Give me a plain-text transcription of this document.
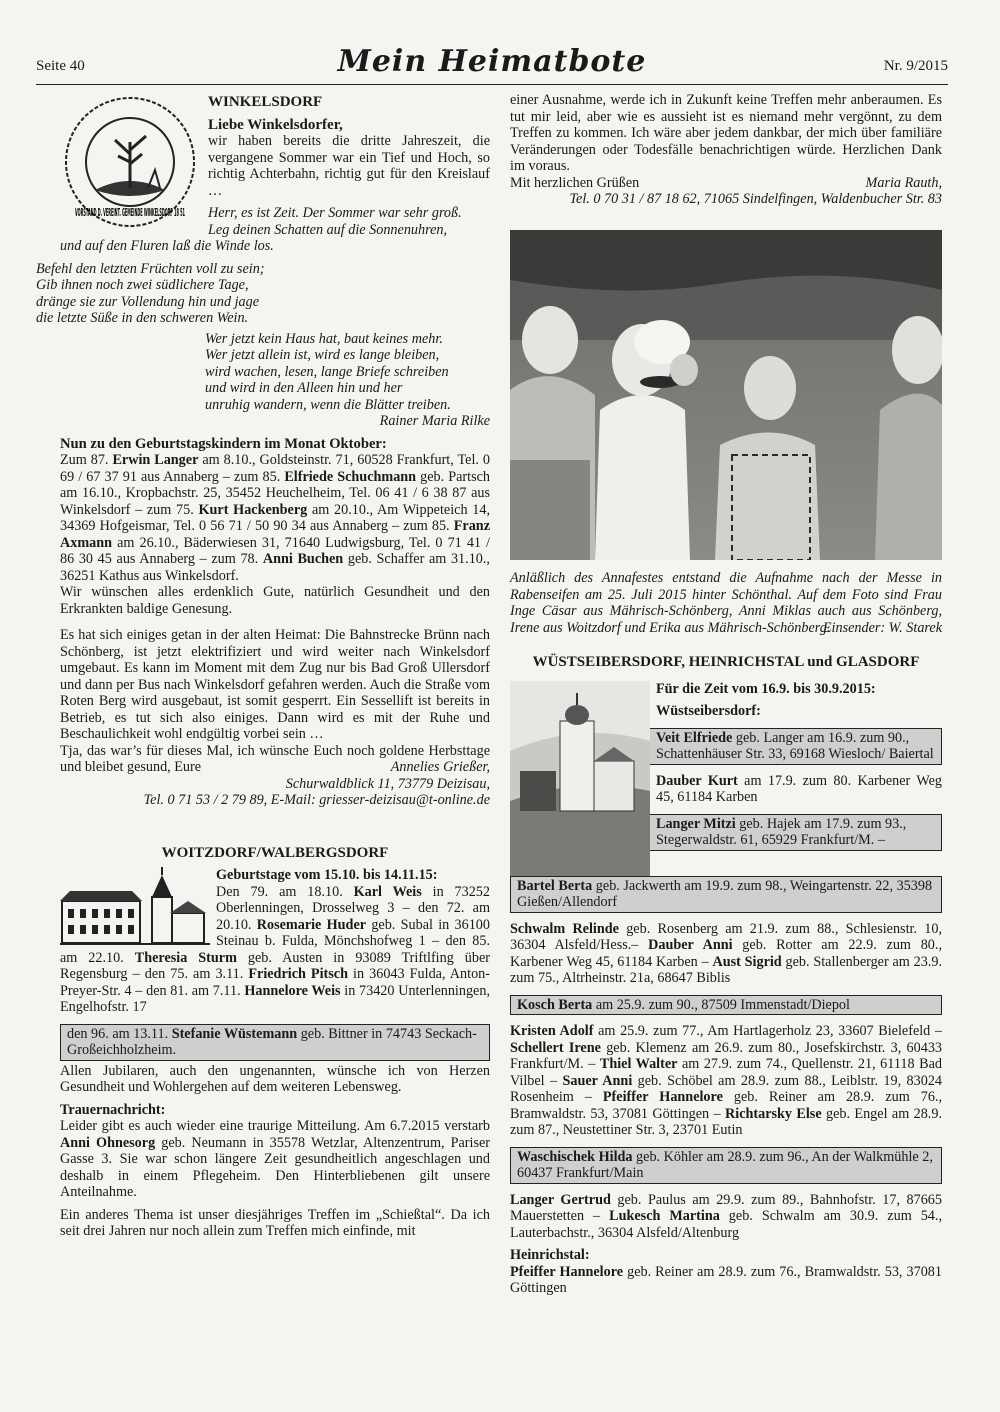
Seite 40	Mein Heimatbote	Nr. 9/2015
VORSTAND D. VEREINT. GEMEINDE WINKELSDORF 18 51
WINKELSDORF

Liebe Winkelsdorfer,

wir haben bereits die dritte Jahreszeit, die vergangene Sommer war ein Tief und Hoch, so richtig Achterbahn, richtig gut für den Kreislauf …

Herr, es ist Zeit. Der Sommer war sehr groß.
Leg deinen Schatten auf die Sonnenuhren,
und auf den Fluren laß die Winde los.
Befehl den letzten Früchten voll zu sein;
Gib ihnen noch zwei südlichere Tage,
dränge sie zur Vollendung hin und jage
die letzte Süße in den schweren Wein.
Wer jetzt kein Haus hat, baut keines mehr.
Wer jetzt allein ist, wird es lange bleiben,
wird wachen, lesen, lange Briefe schreiben
und wird in den Alleen hin und her
unruhig wandern, wenn die Blätter treiben.

Rainer Maria Rilke

Nun zu den Geburtstagskindern im Monat Oktober:

Zum 87. Erwin Langer am 8.10., Goldsteinstr. 71, 60528 Frankfurt, Tel. 0 69 / 67 37 91 aus Annaberg – zum 85. Elfriede Schuchmann geb. Partsch am 16.10., Kropbachstr. 25, 35452 Heuchelheim, Tel. 06 41 / 6 38 87 aus Winkelsdorf – zum 75. Kurt Hackenberg am 20.10., Am Wippeteich 14, 34369 Hofgeismar, Tel. 0 56 71 / 50 90 34 aus Annaberg – zum 85. Franz Axmann am 26.10., Bäderwiesen 31, 71640 Ludwigsburg, Tel. 0 71 41 / 86 30 45 aus Annaberg – zum 78. Anni Buchen geb. Schaffer am 31.10., 36251 Kathus aus Winkelsdorf.

Wir wünschen alles erdenklich Gute, natürlich Gesundheit und den Erkrankten baldige Genesung.

Es hat sich einiges getan in der alten Heimat: Die Bahnstrecke Brünn nach Schönberg, ist jetzt elektrifiziert und wird weiter nach Winkelsdorf umgebaut. Es kann im Moment mit dem Zug nur bis Bad Groß Ullersdorf und dann per Bus nach Winkelsdorf gefahren werden. Auch die Straße vom Roten Berg wird ausgebaut, ist somit gesperrt. Ein Sessellift ist bereits in Betrieb, es tut sich also einiges. Dann wird es mit der Ruhe und Beschaulichkeit wohl endgültig vorbei sein …

Tja, das war’s für dieses Mal, ich wünsche Euch noch goldene Herbsttage und bleibet gesund, Eure	Annelies Grießer,

Schurwaldblick 11, 73779 Deizisau,

Tel. 0 71 53 / 2 79 89, E-Mail: griesser-deizisau@t-online.de

WOITZDORF/WALBERGSDORF

Geburtstage vom 15.10. bis 14.11.15:

Den 79. am 18.10. Karl Weis in 73252 Oberlenningen, Drosselweg 3 – den 72. am 20.10. Rosemarie Huder geb. Subal in 36100 Steinau b. Fulda, Mönchshofweg 1 – den 85. am 22.10. Theresia Sturm geb. Austen in 93089 Triftlfing über Regensburg – den 75. am 3.11. Friedrich Pitsch in 36043 Fulda, Anton-Preyer-Str. 4 – den 81. am 7.11. Hannelore Weis in 73420 Unterlenningen, Engelhofstr. 17

den 96. am 13.11. Stefanie Wüstemann geb. Bittner in 74743 Seckach-Großeichholzheim.

Allen Jubilaren, auch den ungenannten, wünsche ich von Herzen Gesundheit und Wohlergehen auf dem weiteren Lebensweg.

Trauernachricht:

Leider gibt es auch wieder eine traurige Mitteilung. Am 6.7.2015 verstarb Anni Ohnesorg geb. Neumann in 35578 Wetzlar, Altenzentrum, Pariser Gasse 3. Sie war schon längere Zeit gesundheitlich angeschlagen und deshalb in einem Pflegeheim. Den Hinterbliebenen gilt unsere Anteilnahme.

Ein anderes Thema ist unser diesjähriges Treffen im „Schießtal“. Da ich seit drei Jahren nur noch allein zum Treffen mich einfinde, mit

einer Ausnahme, werde ich in Zukunft keine Treffen mehr anberaumen. Es tut mir leid, aber wie es aussieht ist es niemand mehr vergönnt, zu dem Treffen zu kommen. Ich wäre aber jedem dankbar, der mich über familiäre Veränderungen oder Todesfälle benachrichtigen würde. Herzlichen Dank im voraus.

Mit herzlichen Grüßen	Maria Rauth,

Tel. 0 70 31 / 87 18 62, 71065 Sindelfingen, Waldenbucher Str. 83

Anläßlich des Annafestes entstand die Aufnahme nach der Messe in Rabenseifen am 25. Juli 2015 hinter Schönthal. Auf dem Foto sind Frau Inge Cäsar aus Mährisch-Schönberg, Anni Miklas auch aus Schönberg, Irene aus Woitzdorf und Erika aus Mährisch-Schönberg.

Einsender: W. Starek

WÜSTSEIBERSDORF, HEINRICHSTAL und GLASDORF

Für die Zeit vom 16.9. bis 30.9.2015:

Wüstseibersdorf:

Veit Elfriede geb. Langer am 16.9. zum 90., Schattenhäuser Str. 33, 69168 Wiesloch/ Baiertal

Dauber Kurt am 17.9. zum 80. Karbener Weg 45, 61184 Karben

Langer Mitzi geb. Hajek am 17.9. zum 93., Stegerwaldstr. 61, 65929 Frankfurt/M. –
Bartel Berta geb. Jackwerth am 19.9. zum 98., Weingartenstr. 22, 35398 Gießen/Allendorf

Schwalm Relinde geb. Rosenberg am 21.9. zum 88., Schlesienstr. 10, 36304 Alsfeld/Hess.– Dauber Anni geb. Rotter am 22.9. zum 80., Karbener Weg 45, 61184 Karben – Aust Sigrid geb. Stallenberger am 23.9. zum 75., Altrheinstr. 21a, 68647 Biblis

Kosch Berta am 25.9. zum 90., 87509 Immenstadt/Diepol

Kristen Adolf am 25.9. zum 77., Am Hartlagerholz 23, 33607 Bielefeld – Schellert Irene geb. Klemenz am 26.9. zum 80., Josefskirchstr. 3, 60433 Frankfurt/M. – Thiel Walter am 27.9. zum 74., Quellenstr. 21, 61118 Bad Vilbel – Sauer Anni geb. Schöbel am 28.9. zum 88., Leiblstr. 19, 83024 Rosenheim – Pfeiffer Hannelore geb. Reiner am 28.9. zum 76., Bramwaldstr. 53, 37081 Göttingen – Richtarsky Else geb. Engel am 28.9. zum 87., Neustettiner Str. 3, 23701 Eutin

Waschischek Hilda geb. Köhler am 28.9. zum 96., An der Walkmühle 2, 60437 Frankfurt/Main

Langer Gertrud geb. Paulus am 29.9. zum 89., Bahnhofstr. 17, 87665 Mauerstetten – Lukesch Martina geb. Schwalm am 30.9. zum 54., Lauterbachstr., 36304 Alsfeld/Altenburg

Heinrichstal:

Pfeiffer Hannelore geb. Reiner am 28.9. zum 76., Bramwaldstr. 53, 37081 Göttingen
